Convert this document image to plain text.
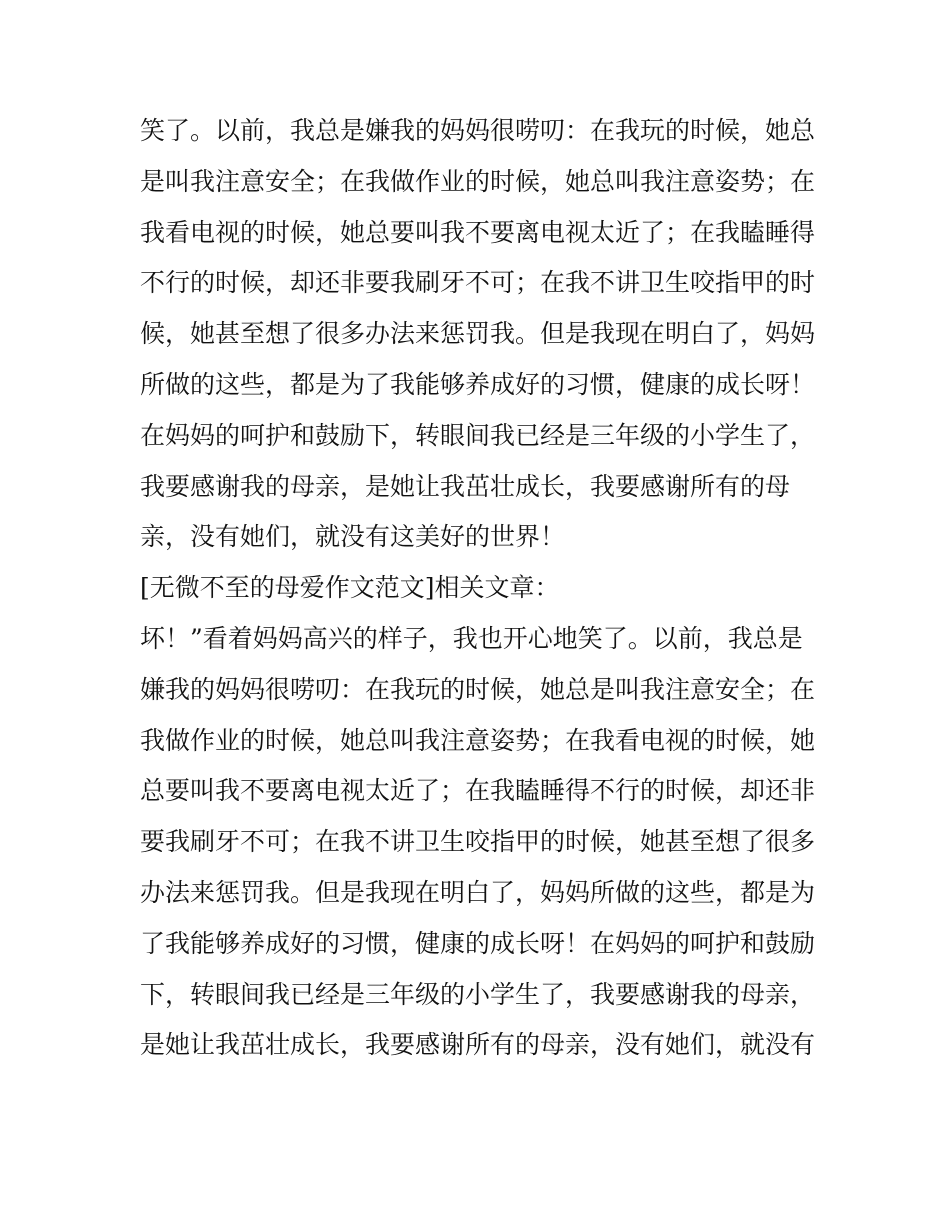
笑了。以前，我总是嫌我的妈妈很唠叨：在我玩的时候，她总
是叫我注意安全；在我做作业的时候，她总叫我注意姿势；在
我看电视的时候，她总要叫我不要离电视太近了；在我瞌睡得
不行的时候，却还非要我刷牙不可；在我不讲卫生咬指甲的时
候，她甚至想了很多办法来惩罚我。但是我现在明白了，妈妈
所做的这些，都是为了我能够养成好的习惯，健康的成长呀！
在妈妈的呵护和鼓励下，转眼间我已经是三年级的小学生了，
我要感谢我的母亲，是她让我茁壮成长，我要感谢所有的母
亲，没有她们，就没有这美好的世界！
[无微不至的母爱作文范文]相关文章：
坏！”看着妈妈高兴的样子，我也开心地笑了。以前，我总是
嫌我的妈妈很唠叨：在我玩的时候，她总是叫我注意安全；在
我做作业的时候，她总叫我注意姿势；在我看电视的时候，她
总要叫我不要离电视太近了；在我瞌睡得不行的时候，却还非
要我刷牙不可；在我不讲卫生咬指甲的时候，她甚至想了很多
办法来惩罚我。但是我现在明白了，妈妈所做的这些，都是为
了我能够养成好的习惯，健康的成长呀！在妈妈的呵护和鼓励
下，转眼间我已经是三年级的小学生了，我要感谢我的母亲，
是她让我茁壮成长，我要感谢所有的母亲，没有她们，就没有
